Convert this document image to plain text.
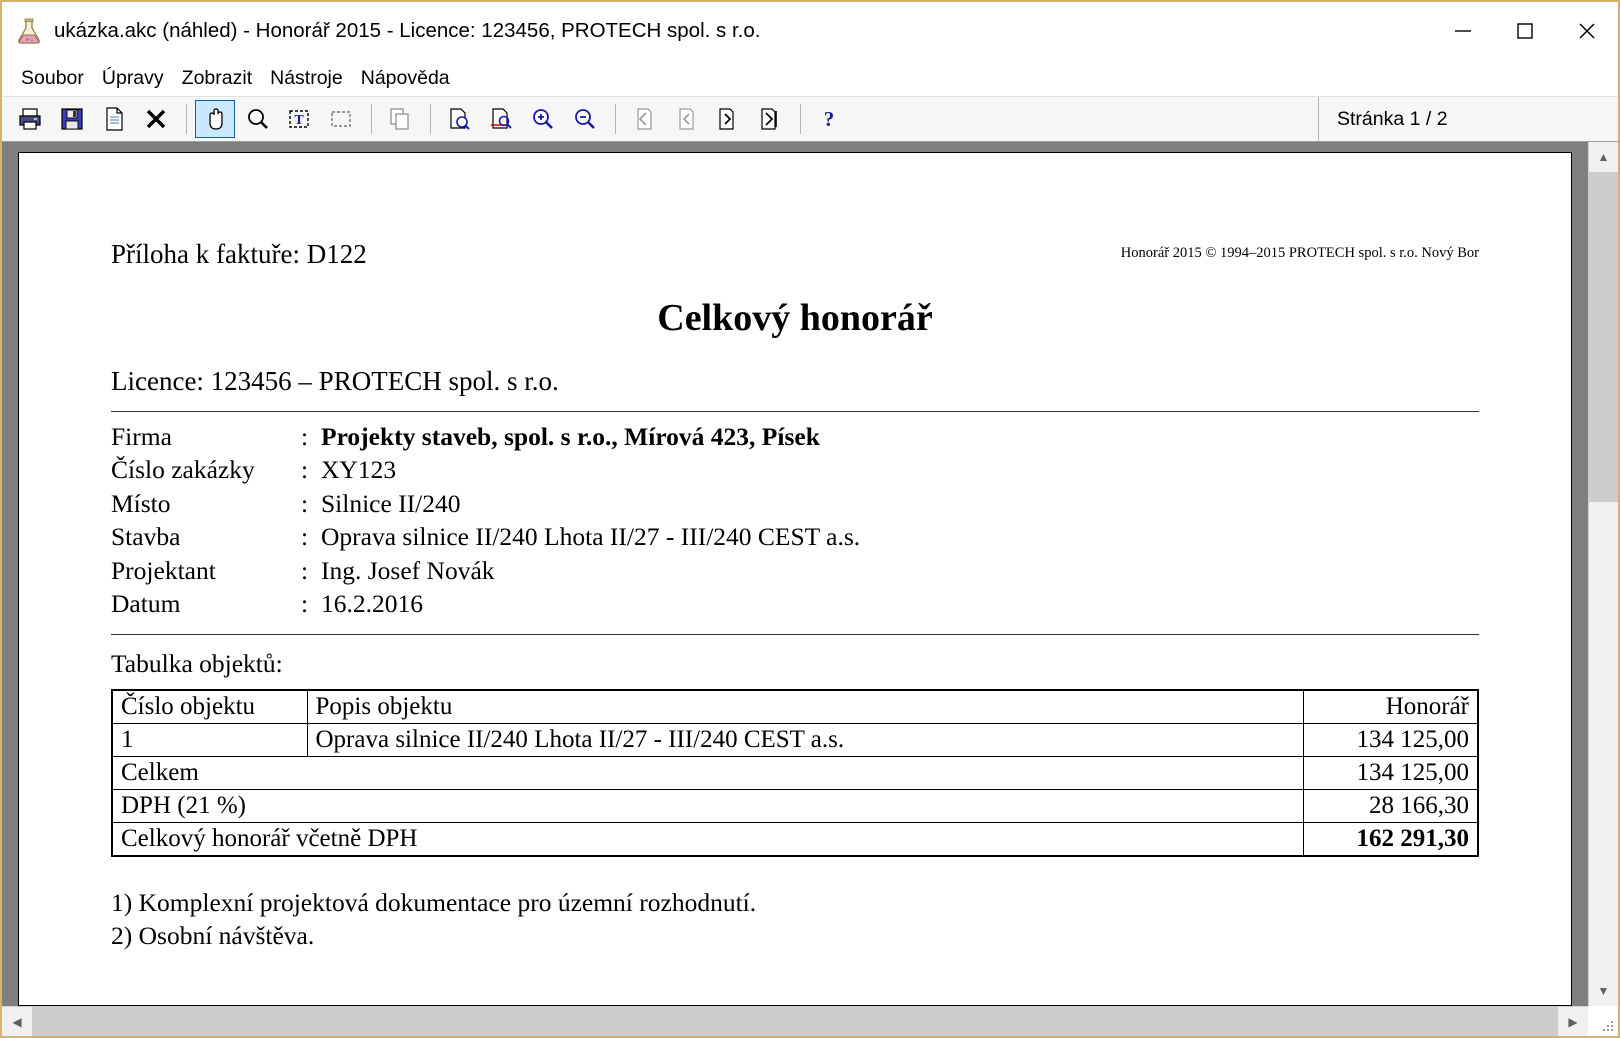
ukázka.akc (náhled) - Honorář 2015 - Licence: 123456, PROTECH spol. s r.o.
Soubor Úpravy Zobrazit Nástroje Nápověda
T	?	Stránka 1 / 2
Příloha k faktuře: D122	Honorář 2015 © 1994–2015 PROTECH spol. s r.o. Nový Bor
Celkový honorář
Licence: 123456 – PROTECH spol. s r.o.
Firma	:	Projekty staveb, spol. s r.o., Mírová 423, Písek
Číslo zakázky	:	XY123
Místo	:	Silnice II/240
Stavba	:	Oprava silnice II/240 Lhota II/27 - III/240 CEST a.s.
Projektant	:	Ing. Josef Novák
Datum	:	16.2.2016
Tabulka objektů:
Číslo objektu	Popis objektu	Honorář
1	Oprava silnice II/240 Lhota II/27 - III/240 CEST a.s.	134 125,00
Celkem		134 125,00
DPH (21 %)		28 166,30
Celkový honorář včetně DPH		162 291,30
1) Komplexní projektová dokumentace pro územní rozhodnutí.
2) Osobní návštěva.
▲
▼
◀	▶
